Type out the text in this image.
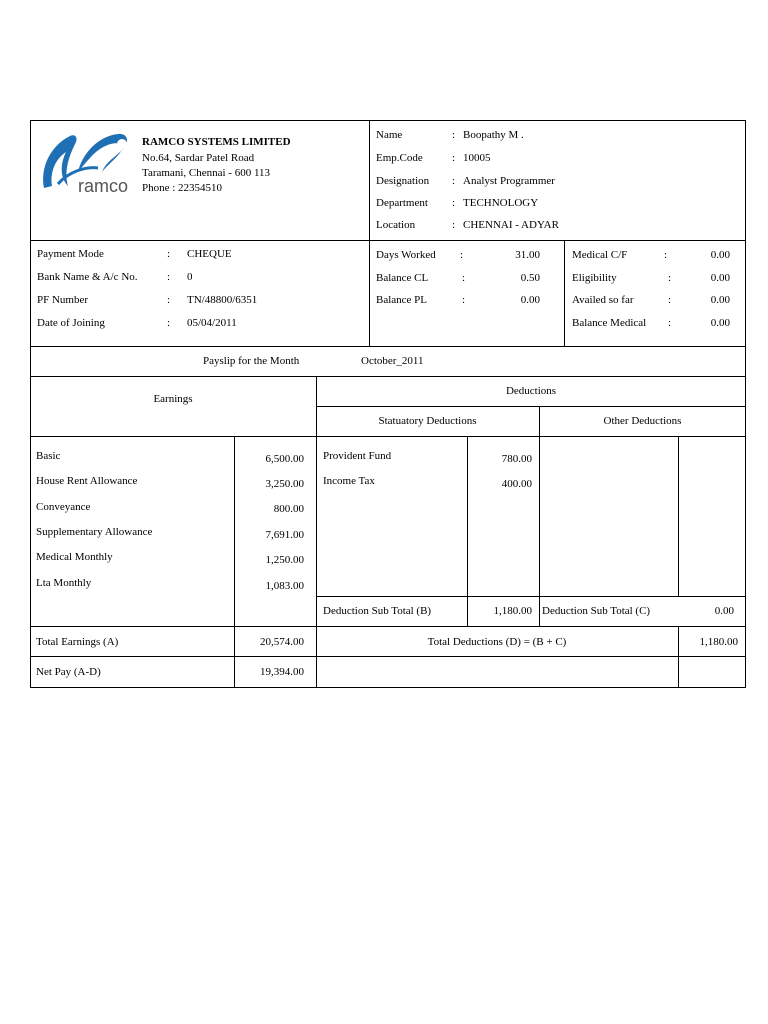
ramco
RAMCO SYSTEMS LIMITED
No.64, Sardar Patel Road
Taramani, Chennai - 600 113
Phone : 22354510
Name	: Boopathy M .
Emp.Code	: 10005
Designation : Analyst Programmer
Department : TECHNOLOGY
Location	: CHENNAI - ADYAR
Payment Mode	: CHEQUE
Bank Name & A/c No.	: 0
PF Number	: TN/48800/6351
Date of Joining	: 05/04/2011
Days Worked :	31.00
Balance CL	:	0.50
Balance PL	:	0.00
Medical C/F	:	0.00
Eligibility	:	0.00
Availed so far	:	0.00
Balance Medical :	0.00
Payslip for the Month	October_2011
Earnings
Deductions
Statuatory Deductions	Other Deductions
Basic	6,500.00
House Rent Allowance	3,250.00
Conveyance	800.00
Supplementary Allowance	7,691.00
Medical Monthly	1,250.00
Lta Monthly	1,083.00
Provident Fund	780.00
Income Tax	400.00
Deduction Sub Total (B)	1,180.00 Deduction Sub Total (C)	0.00
Total Earnings (A)	20,574.00	Total Deductions (D) = (B + C)	1,180.00
Net Pay (A-D)	19,394.00
